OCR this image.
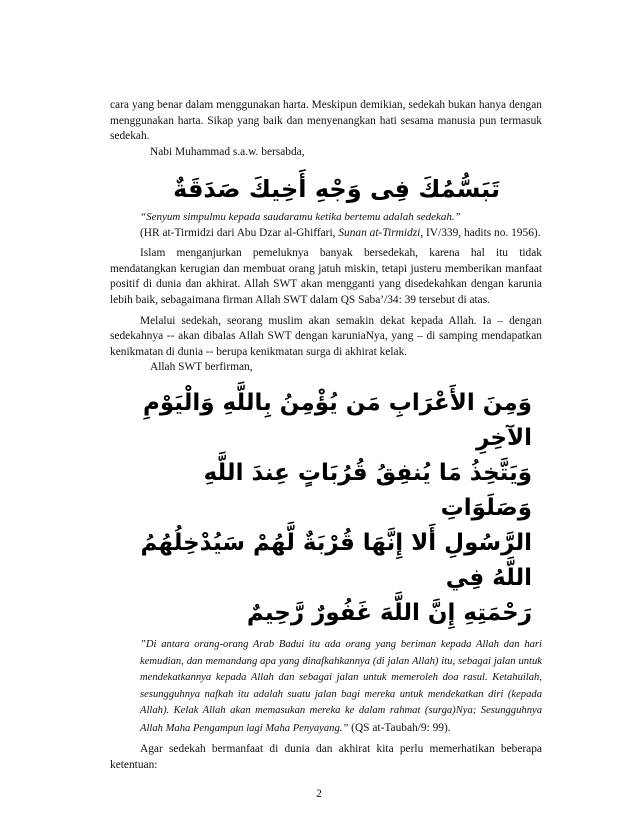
cara yang benar dalam menggunakan harta. Meskipun demikian, sedekah bukan hanya dengan menggunakan harta. Sikap yang baik dan menyenangkan hati sesama manusia pun termasuk sedekah.

Nabi Muhammad s.a.w. bersabda,

تَبَسُّمُكَ فِى وَجْهِ أَخِيكَ صَدَقَةٌ

“Senyum simpulmu kepada saudaramu ketika bertemu adalah sedekah.”

(HR at-Tirmidzi dari Abu Dzar al-Ghiffari, Sunan at-Tirmidzi, IV/339, hadits no. 1956).

Islam menganjurkan pemeluknya banyak bersedekah, karena hal itu tidak mendatangkan kerugian dan membuat orang jatuh miskin, tetapi justeru memberikan manfaat positif di dunia dan akhirat. Allah SWT akan mengganti yang disedekahkan dengan karunia lebih baik, sebagaimana firman Allah SWT dalam QS Saba’/34: 39 tersebut di atas.

Melalui sedekah, seorang muslim akan semakin dekat kepada Allah. Ia – dengan sedekahnya -- akan dibalas Allah SWT dengan karuniaNya, yang – di samping mendapatkan kenikmatan di dunia -- berupa kenikmatan surga di akhirat kelak.

Allah SWT berfirman,

وَمِنَ الأَعْرَابِ مَن يُؤْمِنُ بِاللَّهِ وَالْيَوْمِ الآخِرِ
وَيَتَّخِذُ مَا يُنفِقُ قُرُبَاتٍ عِندَ اللَّهِ وَصَلَوَاتِ
الرَّسُولِ أَلا إِنَّهَا قُرْبَةٌ لَّهُمْ سَيُدْخِلُهُمُ اللَّهُ فِي
رَحْمَتِهِ إِنَّ اللَّهَ غَفُورٌ رَّحِيمٌ

”Di antara orang-orang Arab Badui itu ada orang yang beriman kepada Allah dan hari kemudian, dan memandang apa yang dinafkahkannya (di jalan Allah) itu, sebagai jalan untuk mendekatkannya kepada Allah dan sebagai jalan untuk memeroleh doa rasul. Ketahuilah, sesungguhnya nafkah itu adalah suatu jalan bagi mereka untuk mendekatkan diri (kepada Allah). Kelak Allah akan memasukan mereka ke dalam rahmat (surga)Nya; Sesungguhnya Allah Maha Pengampun lagi Maha Penyayang.” (QS at-Taubah/9: 99).

Agar sedekah bermanfaat di dunia dan akhirat kita perlu memerhatikan beberapa ketentuan:

2
